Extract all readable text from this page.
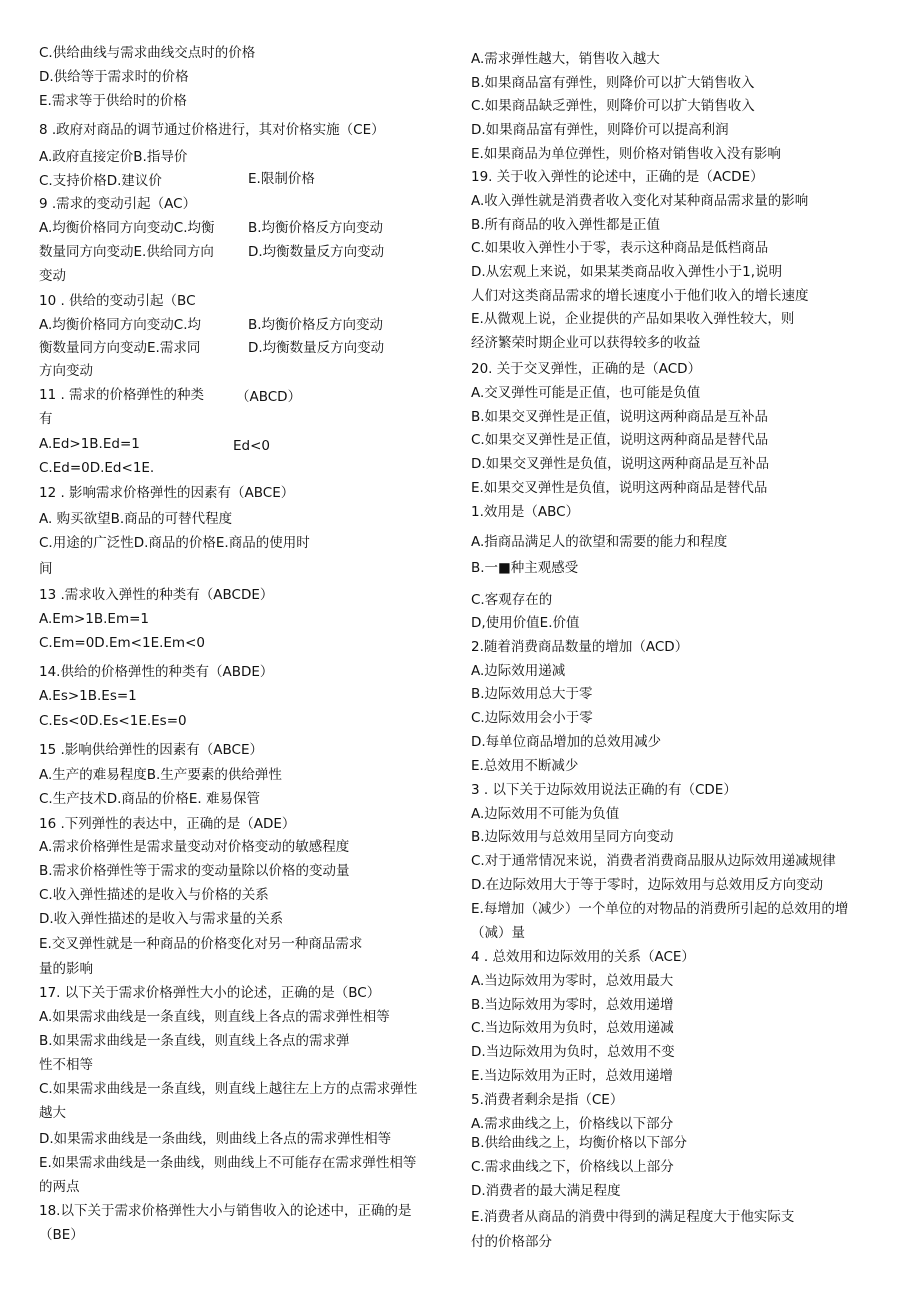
C.供给曲线与需求曲线交点时的价格
D.供给等于需求时的价格
E.需求等于供给时的价格
8 .政府对商品的调节通过价格进行，其对价格实施（CE）
A.政府直接定价B.指导价
C.支持价格D.建议价	E.限制价格
9 .需求的变动引起（AC）
A.均衡价格同方向变动C.均衡 B.均衡价格反方向变动
数量同方向变动E.供给同方向	D.均衡数量反方向变动
变动
10 . 供给的变动引起（BC
A.均衡价格同方向变动C.均	B.均衡价格反方向变动
衡数量同方向变动E.需求同	D.均衡数量反方向变动
方向变动
11 . 需求的价格弹性的种类 （ABCD）
有
A.Ed>1B.Ed=1	Ed<0
C.Ed=0D.Ed<1E.
12 . 影响需求价格弹性的因素有（ABCE）
A. 购买欲望B.商品的可替代程度
C.用途的广泛性D.商品的价格E.商品的使用时
间
13 .需求收入弹性的种类有（ABCDE）
A.Em>1B.Em=1
C.Em=0D.Em<1E.Em<0
14.供给的价格弹性的种类有（ABDE）
A.Es>1B.Es=1
C.Es<0D.Es<1E.Es=0
15 .影响供给弹性的因素有（ABCE）
A.生产的难易程度B.生产要素的供给弹性
C.生产技术D.商品的价格E. 难易保管
16 .下列弹性的表达中，正确的是（ADE）
A.需求价格弹性是需求量变动对价格变动的敏感程度
B.需求价格弹性等于需求的变动量除以价格的变动量
C.收入弹性描述的是收入与价格的关系
D.收入弹性描述的是收入与需求量的关系
E.交叉弹性就是一种商品的价格变化对另一种商品需求
量的影响
17. 以下关于需求价格弹性大小的论述，正确的是（BC）
A.如果需求曲线是一条直线，则直线上各点的需求弹性相等
B.如果需求曲线是一条直线，则直线上各点的需求弹
性不相等
C.如果需求曲线是一条直线，则直线上越往左上方的点需求弹性
越大
D.如果需求曲线是一条曲线，则曲线上各点的需求弹性相等
E.如果需求曲线是一条曲线，则曲线上不可能存在需求弹性相等
的两点
18.以下关于需求价格弹性大小与销售收入的论述中，正确的是
（BE）
A.需求弹性越大，销售收入越大
B.如果商品富有弹性，则降价可以扩大销售收入
C.如果商品缺乏弹性，则降价可以扩大销售收入
D.如果商品富有弹性，则降价可以提高利润
E.如果商品为单位弹性，则价格对销售收入没有影响
19. 关于收入弹性的论述中，正确的是（ACDE）
A.收入弹性就是消费者收入变化对某种商品需求量的影响
B.所有商品的收入弹性都是正值
C.如果收入弹性小于零，表示这种商品是低档商品
D.从宏观上来说，如果某类商品收入弹性小于1,说明
人们对这类商品需求的增长速度小于他们收入的增长速度
E.从微观上说，企业提供的产品如果收入弹性较大，则
经济繁荣时期企业可以获得较多的收益
20. 关于交叉弹性，正确的是（ACD）
A.交叉弹性可能是正值，也可能是负值
B.如果交叉弹性是正值，说明这两种商品是互补品
C.如果交叉弹性是正值，说明这两种商品是替代品
D.如果交叉弹性是负值，说明这两种商品是互补品
E.如果交叉弹性是负值，说明这两种商品是替代品
1.效用是（ABC）
A.指商品满足人的欲望和需要的能力和程度
B.一■种主观感受
C.客观存在的
D,使用价值E.价值
2.随着消费商品数量的增加（ACD）
A.边际效用递减
B.边际效用总大于零
C.边际效用会小于零
D.每单位商品增加的总效用减少
E.总效用不断减少
3 . 以下关于边际效用说法正确的有（CDE）
A.边际效用不可能为负值
B.边际效用与总效用呈同方向变动
C.对于通常情况来说，消费者消费商品服从边际效用递减规律
D.在边际效用大于等于零时，边际效用与总效用反方向变动
E.每增加（减少）一个单位的对物品的消费所引起的总效用的增
（减）量
4 . 总效用和边际效用的关系（ACE）
A.当边际效用为零时，总效用最大
B.当边际效用为零时，总效用递增
C.当边际效用为负时，总效用递减
D.当边际效用为负时，总效用不变
E.当边际效用为正时，总效用递增
5.消费者剩余是指（CE）
A.需求曲线之上，价格线以下部分
B.供给曲线之上，均衡价格以下部分
C.需求曲线之下，价格线以上部分
D.消费者的最大满足程度
E.消费者从商品的消费中得到的满足程度大于他实际支
付的价格部分
